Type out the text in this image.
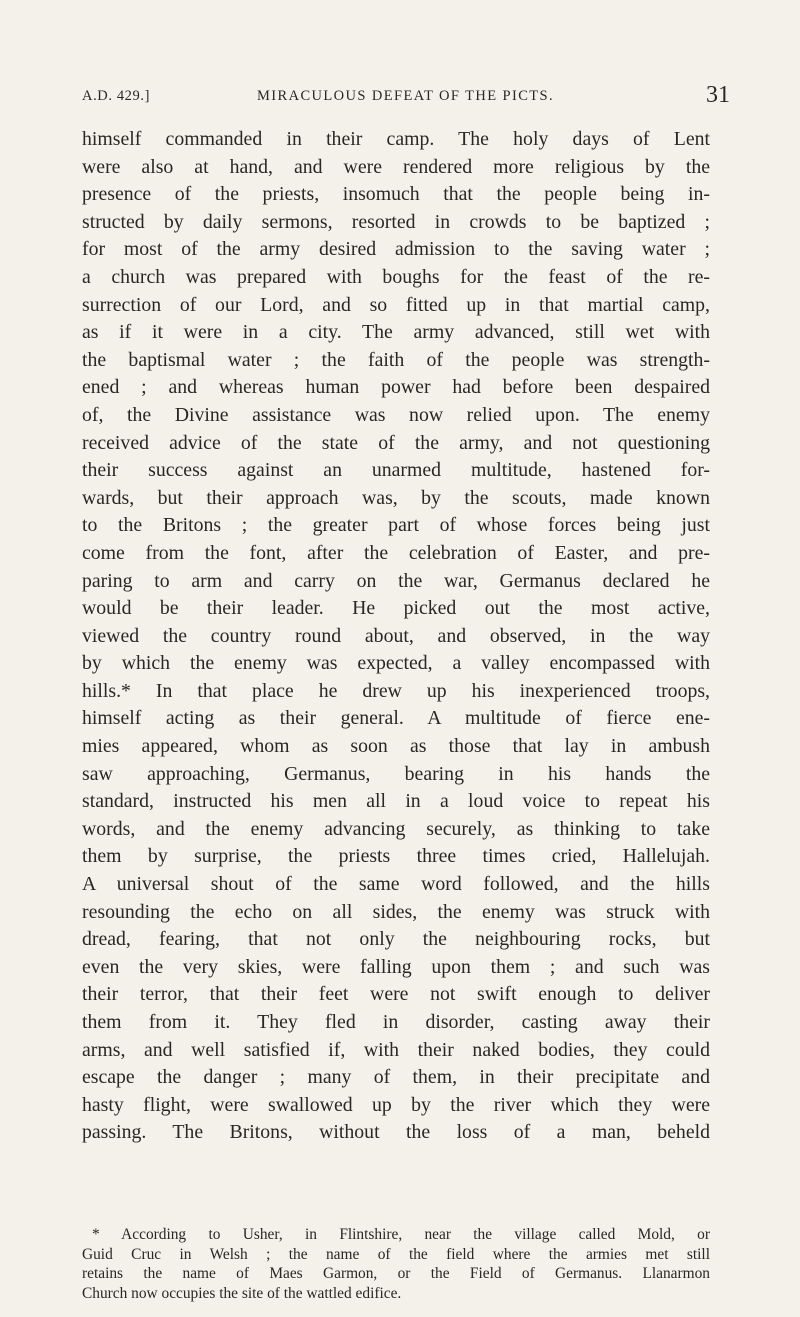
A.D. 429.]	MIRACULOUS DEFEAT OF THE PICTS.	31
himself commanded in their camp. The holy days of Lent
were also at hand, and were rendered more religious by the
presence of the priests, insomuch that the people being in-
structed by daily sermons, resorted in crowds to be baptized ;
for most of the army desired admission to the saving water ;
a church was prepared with boughs for the feast of the re-
surrection of our Lord, and so fitted up in that martial camp,
as if it were in a city. The army advanced, still wet with
the baptismal water ; the faith of the people was strength-
ened ; and whereas human power had before been despaired
of, the Divine assistance was now relied upon. The enemy
received advice of the state of the army, and not questioning
their success against an unarmed multitude, hastened for-
wards, but their approach was, by the scouts, made known
to the Britons ; the greater part of whose forces being just
come from the font, after the celebration of Easter, and pre-
paring to arm and carry on the war, Germanus declared he
would be their leader. He picked out the most active,
viewed the country round about, and observed, in the way
by which the enemy was expected, a valley encompassed with
hills.* In that place he drew up his inexperienced troops,
himself acting as their general. A multitude of fierce ene-
mies appeared, whom as soon as those that lay in ambush
saw approaching, Germanus, bearing in his hands the
standard, instructed his men all in a loud voice to repeat his
words, and the enemy advancing securely, as thinking to take
them by surprise, the priests three times cried, Hallelujah.
A universal shout of the same word followed, and the hills
resounding the echo on all sides, the enemy was struck with
dread, fearing, that not only the neighbouring rocks, but
even the very skies, were falling upon them ; and such was
their terror, that their feet were not swift enough to deliver
them from it. They fled in disorder, casting away their
arms, and well satisfied if, with their naked bodies, they could
escape the danger ; many of them, in their precipitate and
hasty flight, were swallowed up by the river which they were
passing. The Britons, without the loss of a man, beheld
* According to Usher, in Flintshire, near the village called Mold, or
Guid Cruc in Welsh ; the name of the field where the armies met still
retains the name of Maes Garmon, or the Field of Germanus. Llanarmon
Church now occupies the site of the wattled edifice.
